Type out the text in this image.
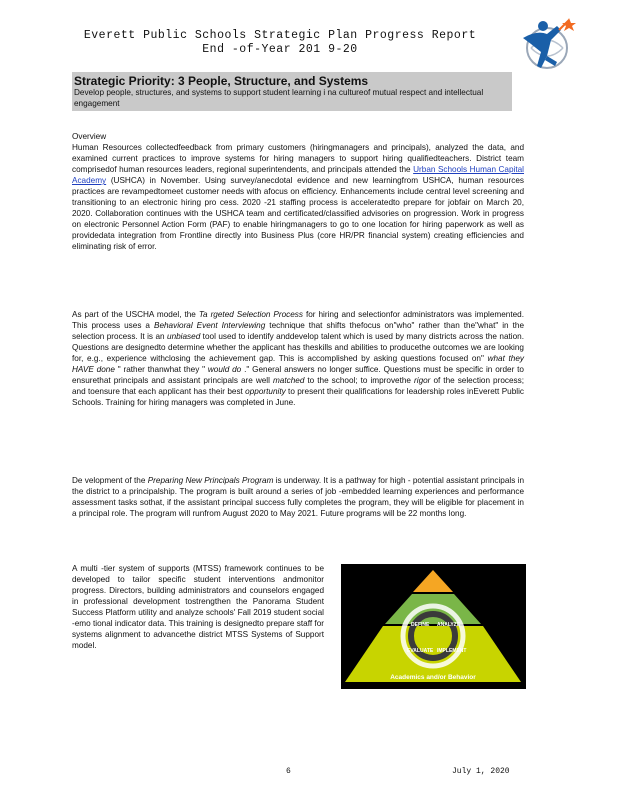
Everett Public Schools Strategic Plan Progress Report
End -of-Year 201 9-20
Strategic Priority: 3 People, Structure, and Systems
Develop people, structures, and systems to support student learning i na cultureof mutual respect and intellectual engagement
Overview

Human Resources collectedfeedback from primary customers (hiringmanagers and principals), analyzed the data, and examined current practices to improve systems for hiring managers to support hiring qualifiedteachers. District team comprisedof human resources leaders, regional superintendents, and principals attended the Urban Schools Human Capital Academy (USHCA) in November. Using survey/anecdotal evidence and new learningfrom USHCA, human resources practices are revampedtomeet customer needs with afocus on efficiency. Enhancements include central level screening and transitioning to an electronic hiring pro cess. 2020 -21 staffing process is acceleratedto prepare for jobfair on March 20, 2020. Collaboration continues with the USHCA team and certificated/classified advisories on progression. Work in progress on electronic Personnel Action Form (PAF) to enable hiringmanagers to go to one location for hiring paperwork as well as providedata integration from Frontline directly into Business Plus (core HR/PR financial system) creating efficiencies and eliminating risk of error.

As part of the USCHA model, the Ta rgeted Selection Process for hiring and selectionfor administrators was implemented. This process uses a Behavioral Event Interviewing technique that shifts thefocus on"who" rather than the"what" in the selection process. It is an unbiased tool used to identify anddevelop talent which is used by many districts across the nation. Questions are designedto determine whether the applicant has theskills and abilities to producethe outcomes we are looking for, e.g., experience withclosing the achievement gap. This is accomplished by asking questions focused on" what they HAVE done " rather thanwhat they " would do ." General answers no longer suffice. Questions must be specific in order to ensurethat principals and assistant principals are well matched to the school; to improvethe rigor of the selection process; and toensure that each applicant has their best opportunity to present their qualifications for leadership roles inEverett Public Schools. Training for hiring managers was completed in June.

De velopment of the Preparing New Principals Program is underway. It is a pathway for high - potential assistant principals in the district to a principalship. The program is built around a series of job -embedded learning experiences and performance assessment tasks sothat, if the assistant principal success fully completes the program, they will be eligible for placement in a principal role. The program will runfrom August 2020 to May 2021. Future programs will be 22 months long.

A multi -tier system of supports (MTSS) framework continues to be developed to tailor specific student interventions andmonitor progress. Directors, building administrators and counselors engaged in professional development tostrengthen the Panorama Student Success Platform utility and analyze schools' Fall 2019 student social -emo tional indicator data. This training is designedto prepare staff for systems alignment to advancethe district MTSS Systems of Support model.

DEFINE ANALYZE
EVALUATE IMPLEMENT
Academics and/or Behavior
6	July 1, 2020
